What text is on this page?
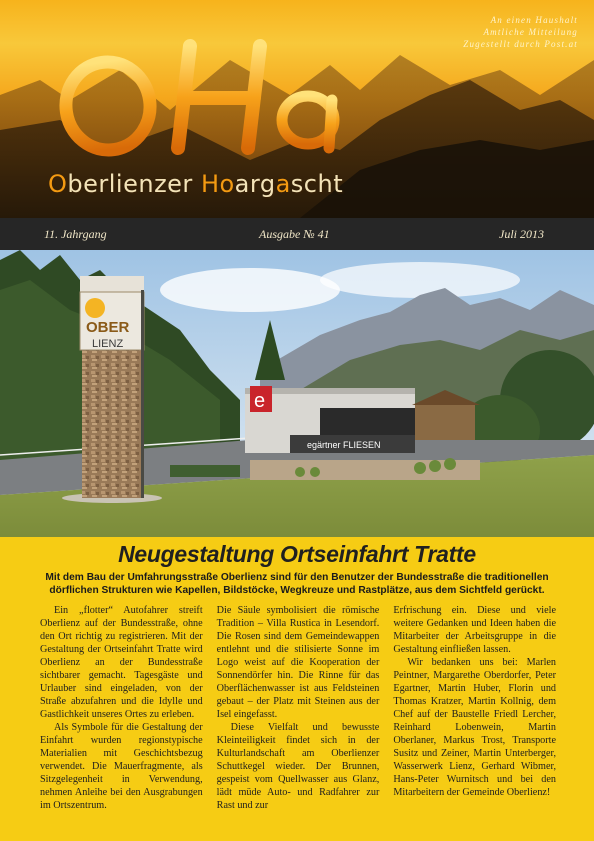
Oberlienzer Hoargascht
An einen Haushalt
Amtliche Mitteilung
Zugestellt durch Post.at
11. Jahrgang	Ausgabe № 41	Juli 2013
e
egärtner FLIESEN
OBER
LIENZ
Neugestaltung Ortseinfahrt Tratte
Mit dem Bau der Umfahrungsstraße Oberlienz sind für den Benutzer der Bundesstraße die traditionellen dörflichen Strukturen wie Kapellen, Bildstöcke, Wegkreuze und Rastplätze, aus dem Sichtfeld gerückt.

Ein „flotter“ Autofahrer streift Oberlienz auf der Bundesstraße, ohne den Ort richtig zu registrieren. Mit der Gestaltung der Ortseinfahrt Tratte wird Oberlienz an der Bundesstraße sichtbarer gemacht. Tagesgäste und Urlauber sind eingeladen, von der Straße abzufahren und die Idylle und Gastlichkeit unseres Ortes zu erleben.

Als Symbole für die Gestaltung der Einfahrt wurden regionstypische Materialien mit Geschichtsbezug verwendet. Die Mauerfragmente, als Sitzgelegenheit in Verwendung, nehmen Anleihe bei den Ausgrabungen im Ortszentrum.

Die Säule symbolisiert die römische Tradition – Villa Rustica in Lesendorf. Die Rosen sind dem Gemeindewappen entlehnt und die stilisierte Sonne im Logo weist auf die Kooperation der Sonnendörfer hin. Die Rinne für das Oberflächenwasser ist aus Feldsteinen gebaut – der Platz mit Steinen aus der Isel eingefasst.

Diese Vielfalt und bewusste Kleinteiligkeit findet sich in der Kulturlandschaft am Oberlienzer Schuttkegel wieder. Der Brunnen, gespeist vom Quellwasser aus Glanz, lädt müde Auto- und Radfahrer zur Rast und zur

Erfrischung ein. Diese und viele weitere Gedanken und Ideen haben die Mitarbeiter der Arbeitsgruppe in die Gestaltung einfließen lassen.

Wir bedanken uns bei: Marlen Peintner, Margarethe Oberdorfer, Peter Egartner, Martin Huber, Florin und Thomas Kratzer, Martin Kollnig, dem Chef auf der Baustelle Friedl Lercher, Reinhard Lobenwein, Martin Oberlaner, Markus Trost, Transporte Susitz und Zeiner, Martin Unterberger, Wasserwerk Lienz, Gerhard Wibmer, Hans-Peter Wurnitsch und bei den Mitarbeitern der Gemeinde Oberlienz!
